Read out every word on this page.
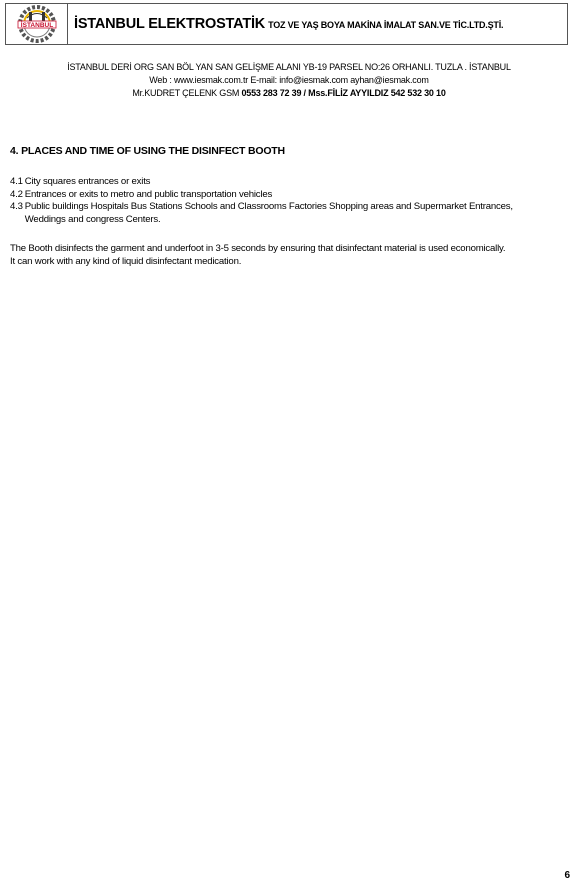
İSTANBUL İSTANBUL ELEKTROSTATİK TOZ VE YAŞ BOYA MAKİNA İMALAT SAN.VE TİC.LTD.ŞTİ.
İSTANBUL DERİ ORG SAN BÖL YAN SAN GELİŞME ALANI YB-19 PARSEL NO:26 ORHANLI. TUZLA . İSTANBUL
Web : www.iesmak.com.tr E-mail: info@iesmak.com ayhan@iesmak.com
Mr.KUDRET ÇELENK GSM 0553 283 72 39 / Mss.FİLİZ AYYILDIZ 542 532 30 10
4. PLACES AND TIME OF USING THE DISINFECT BOOTH
4.1 City squares entrances or exits
4.2 Entrances or exits to metro and public transportation vehicles
4.3 Public buildings Hospitals Bus Stations Schools and Classrooms Factories Shopping areas and Supermarket Entrances, Weddings and congress Centers.
The Booth disinfects the garment and underfoot in 3-5 seconds by ensuring that disinfectant material is used economically.
It can work with any kind of liquid disinfectant medication.
6
